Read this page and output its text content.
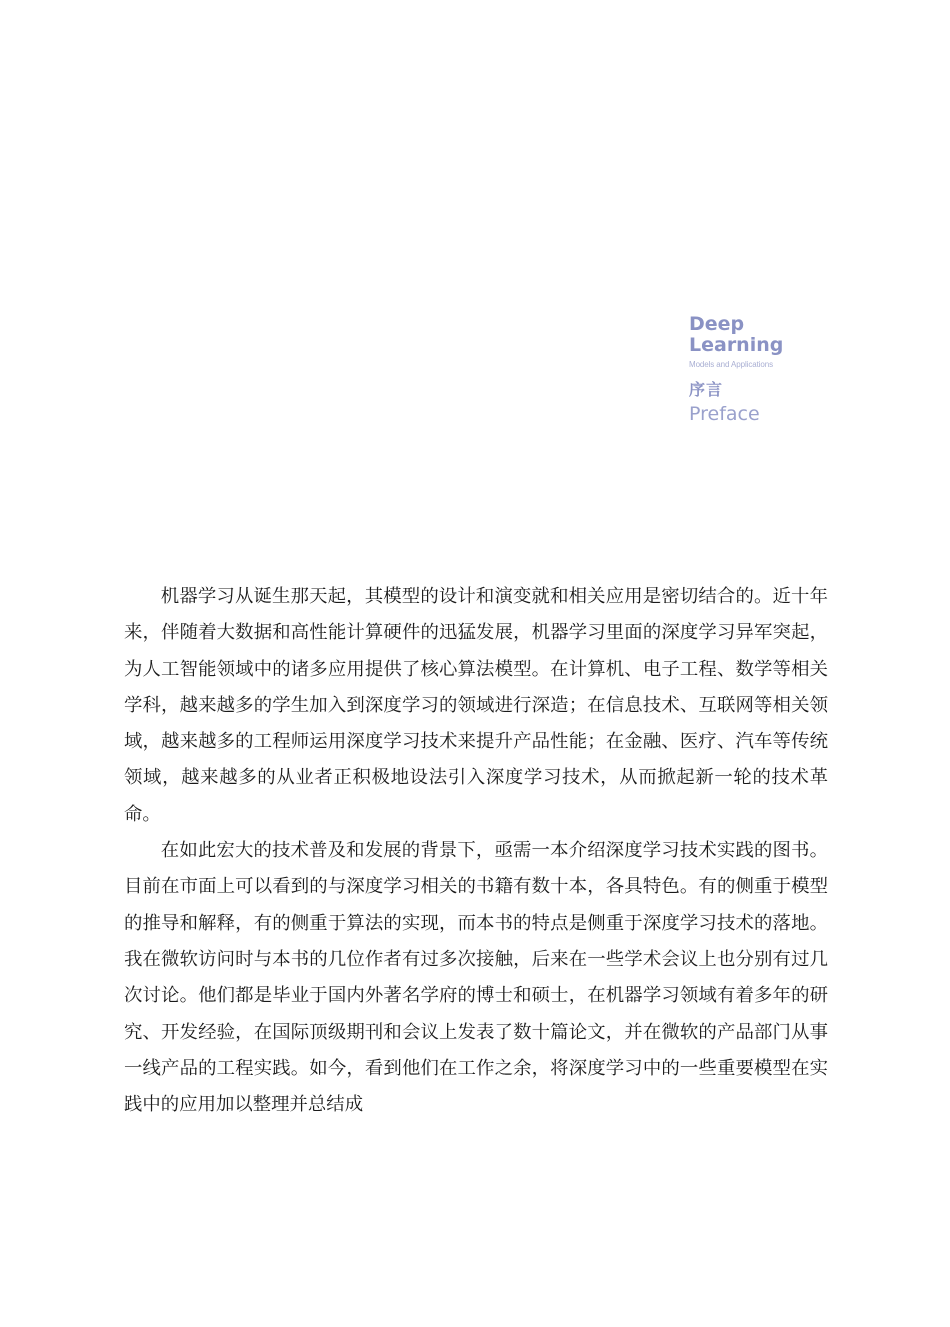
Deep
Learning
Models and Applications
序言
Preface

机器学习从诞生那天起，其模型的设计和演变就和相关应用是密切结合的。近十年来，伴随着大数据和高性能计算硬件的迅猛发展，机器学习里面的深度学习异军突起，为人工智能领域中的诸多应用提供了核心算法模型。在计算机、电子工程、数学等相关学科，越来越多的学生加入到深度学习的领域进行深造；在信息技术、互联网等相关领域，越来越多的工程师运用深度学习技术来提升产品性能；在金融、医疗、汽车等传统领域，越来越多的从业者正积极地设法引入深度学习技术，从而掀起新一轮的技术革命。

在如此宏大的技术普及和发展的背景下，亟需一本介绍深度学习技术实践的图书。目前在市面上可以看到的与深度学习相关的书籍有数十本，各具特色。有的侧重于模型的推导和解释，有的侧重于算法的实现，而本书的特点是侧重于深度学习技术的落地。我在微软访问时与本书的几位作者有过多次接触，后来在一些学术会议上也分别有过几次讨论。他们都是毕业于国内外著名学府的博士和硕士，在机器学习领域有着多年的研究、开发经验，在国际顶级期刊和会议上发表了数十篇论文，并在微软的产品部门从事一线产品的工程实践。如今，看到他们在工作之余，将深度学习中的一些重要模型在实践中的应用加以整理并总结成
